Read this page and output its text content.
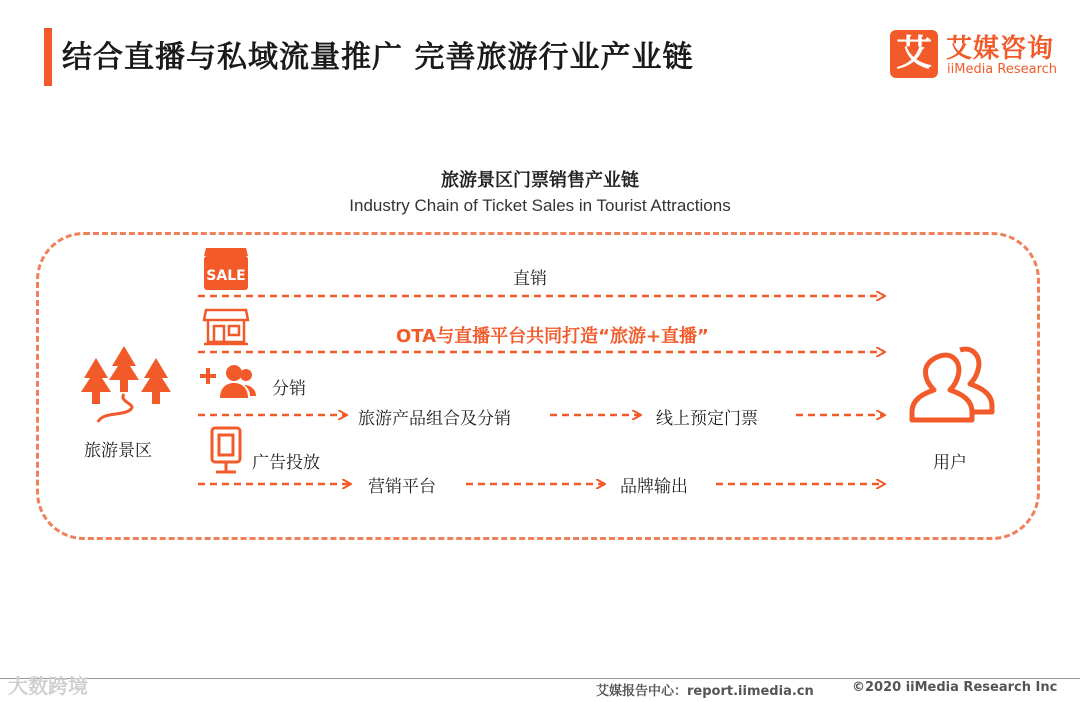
结合直播与私域流量推广 完善旅游行业产业链	艾 艾媒咨询
iiMedia Research
旅游景区门票销售产业链
Industry Chain of Ticket Sales in Tourist Attractions
旅游景区
用户
SALE	直销
OTA与直播平台共同打造“旅游+直播”
分销
旅游产品组合及分销	线上预定门票
广告投放
营销平台	品牌输出
大数跨境	艾媒报告中心：report.iimedia.cn	©2020 iiMedia Research Inc
